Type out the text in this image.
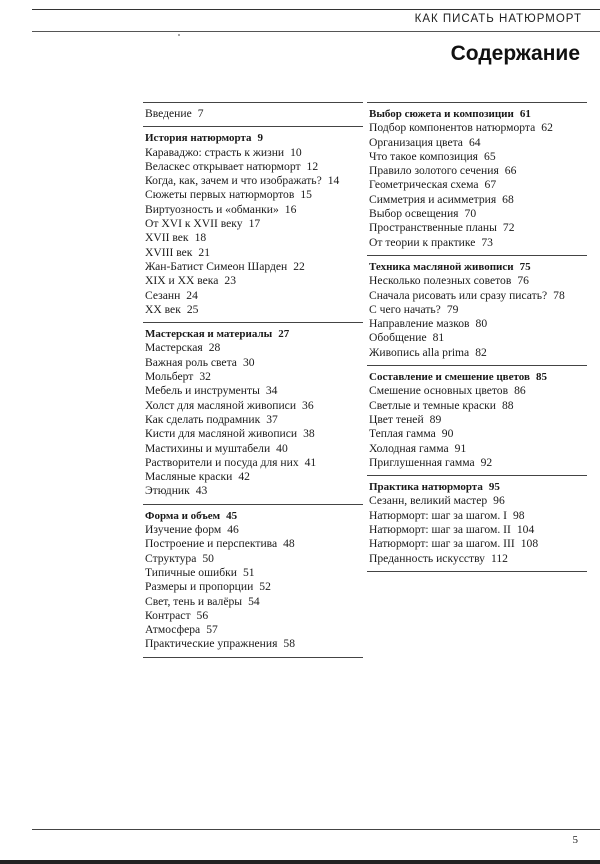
КАК ПИСАТЬ НАТЮРМОРТ
Содержание
Введение 7
История натюрморта 9
Караваджо: страсть к жизни 10
Веласкес открывает натюрморт 12
Когда, как, зачем и что изображать? 14
Сюжеты первых натюрмортов 15
Виртуозность и «обманки» 16
От XVI к XVII веку 17
XVII век 18
XVIII век 21
Жан-Батист Симеон Шарден 22
XIX и XX века 23
Сезанн 24
XX век 25
Мастерская и материалы 27
Мастерская 28
Важная роль света 30
Мольберт 32
Мебель и инструменты 34
Холст для масляной живописи 36
Как сделать подрамник 37
Кисти для масляной живописи 38
Мастихины и муштабели 40
Растворители и посуда для них 41
Масляные краски 42
Этюдник 43
Форма и объем 45
Изучение форм 46
Построение и перспектива 48
Структура 50
Типичные ошибки 51
Размеры и пропорции 52
Свет, тень и валёры 54
Контраст 56
Атмосфера 57
Практические упражнения 58
Выбор сюжета и композиции 61
Подбор компонентов натюрморта 62
Организация цвета 64
Что такое композиция 65
Правило золотого сечения 66
Геометрическая схема 67
Симметрия и асимметрия 68
Выбор освещения 70
Пространственные планы 72
От теории к практике 73
Техника масляной живописи 75
Несколько полезных советов 76
Сначала рисовать или сразу писать? 78
С чего начать? 79
Направление мазков 80
Обобщение 81
Живопись alla prima 82
Составление и смешение цветов 85
Смешение основных цветов 86
Светлые и темные краски 88
Цвет теней 89
Теплая гамма 90
Холодная гамма 91
Приглушенная гамма 92
Практика натюрморта 95
Сезанн, великий мастер 96
Натюрморт: шаг за шагом. I 98
Натюрморт: шаг за шагом. II 104
Натюрморт: шаг за шагом. III 108
Преданность искусству 112
5
